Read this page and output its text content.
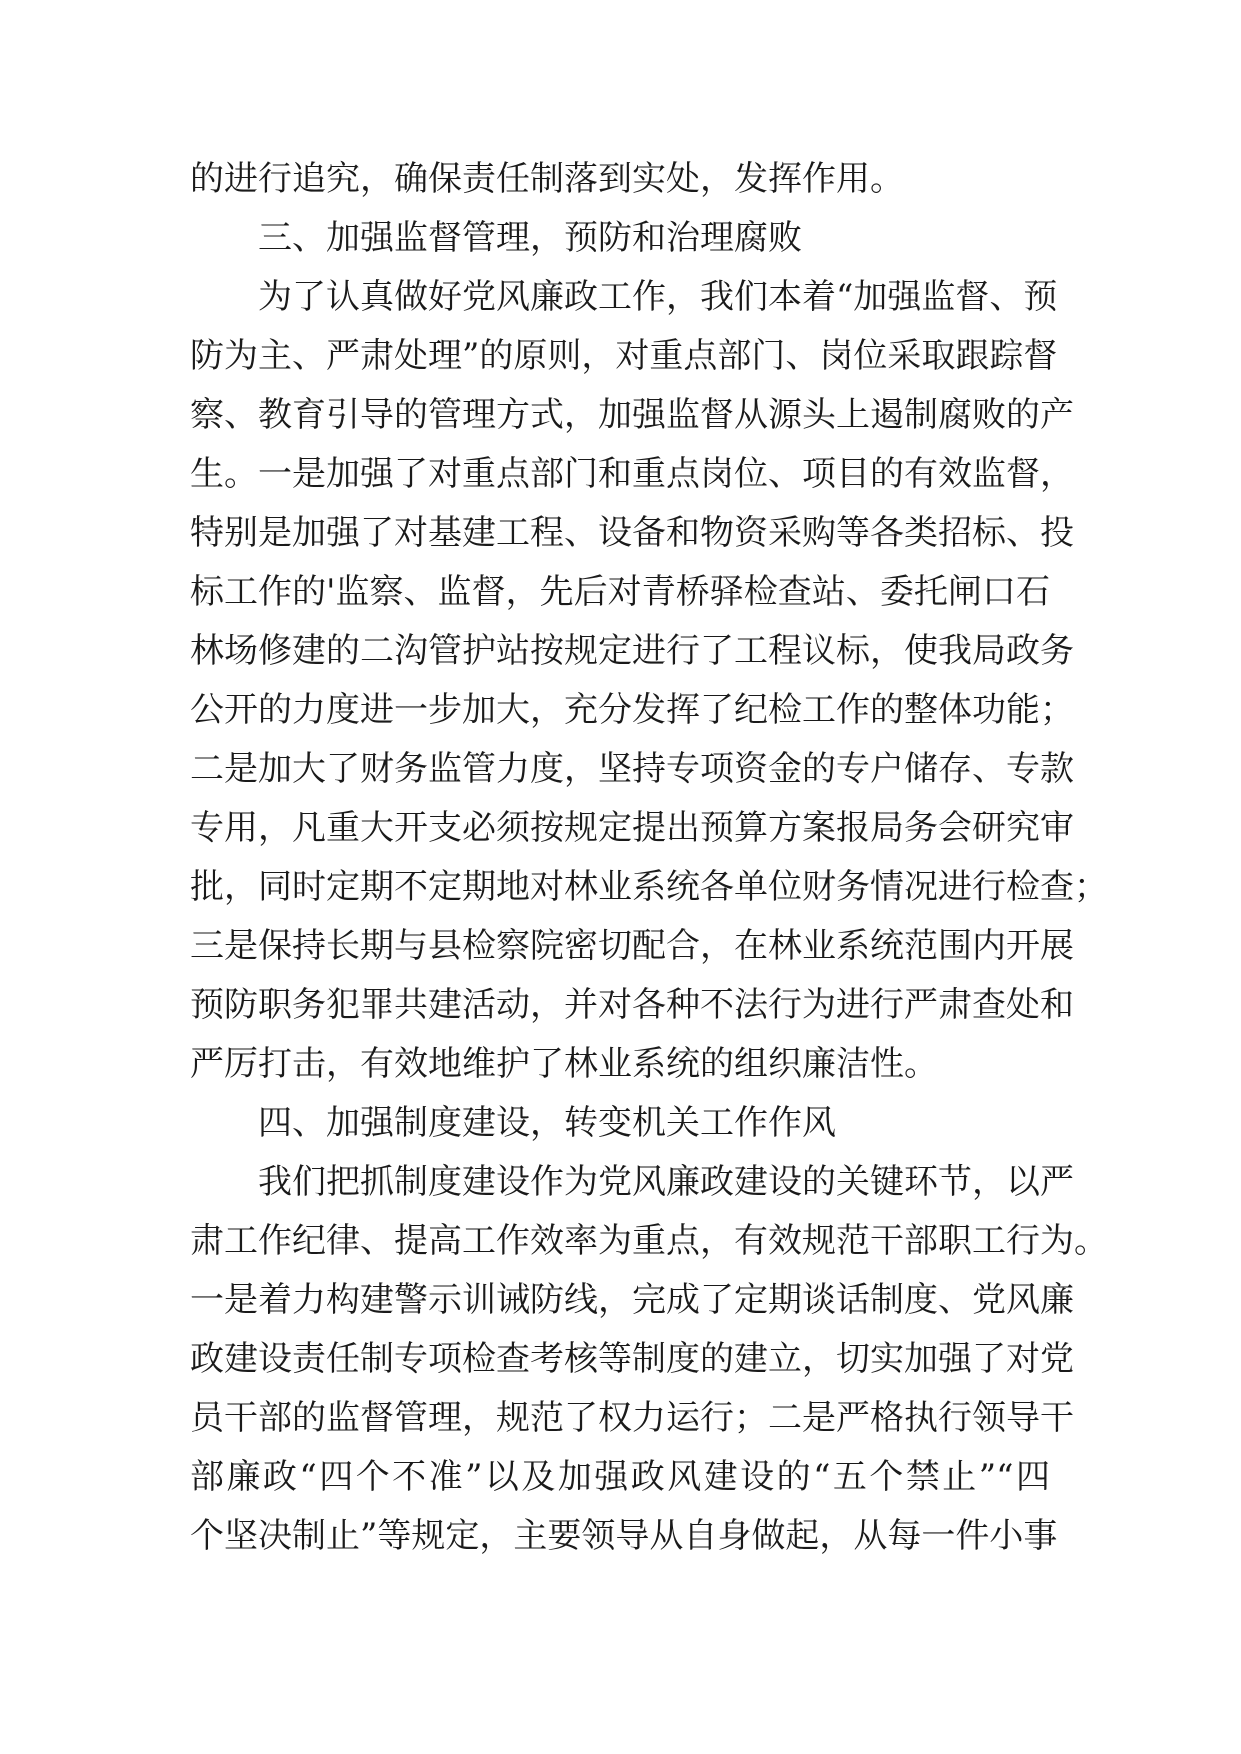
的进行追究，确保责任制落到实处，发挥作用。
三、加强监督管理，预防和治理腐败
为了认真做好党风廉政工作，我们本着“加强监督、预
防为主、严肃处理”的原则，对重点部门、岗位采取跟踪督
察、教育引导的管理方式，加强监督从源头上遏制腐败的产
生。一是加强了对重点部门和重点岗位、项目的有效监督，
特别是加强了对基建工程、设备和物资采购等各类招标、投
标工作的'监察、监督，先后对青桥驿检查站、委托闸口石
林场修建的二沟管护站按规定进行了工程议标，使我局政务
公开的力度进一步加大，充分发挥了纪检工作的整体功能；
二是加大了财务监管力度，坚持专项资金的专户储存、专款
专用，凡重大开支必须按规定提出预算方案报局务会研究审
批，同时定期不定期地对林业系统各单位财务情况进行检查；
三是保持长期与县检察院密切配合，在林业系统范围内开展
预防职务犯罪共建活动，并对各种不法行为进行严肃查处和
严厉打击，有效地维护了林业系统的组织廉洁性。
四、加强制度建设，转变机关工作作风
我们把抓制度建设作为党风廉政建设的关键环节，以严
肃工作纪律、提高工作效率为重点，有效规范干部职工行为。
一是着力构建警示训诫防线，完成了定期谈话制度、党风廉
政建设责任制专项检查考核等制度的建立，切实加强了对党
员干部的监督管理，规范了权力运行；二是严格执行领导干
部廉政“四个不准”以及加强政风建设的“五个禁止”“四
个坚决制止”等规定，主要领导从自身做起，从每一件小事
